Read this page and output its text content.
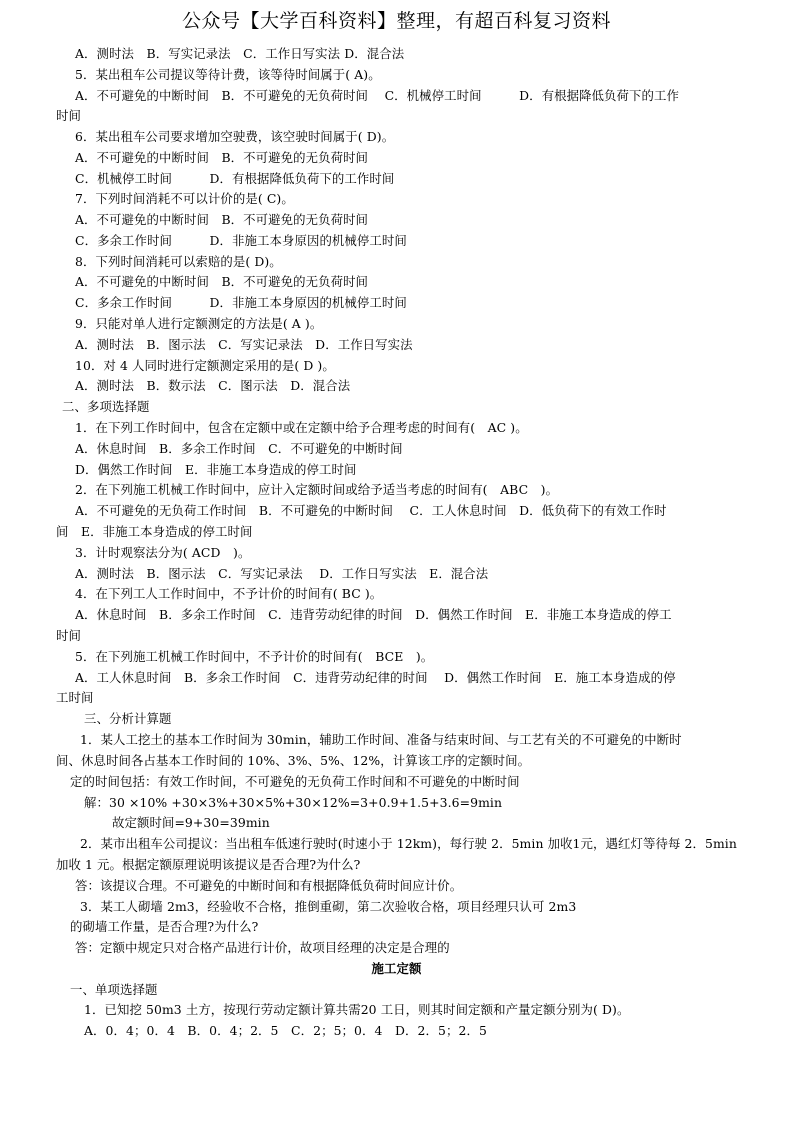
公众号【大学百科资料】整理，有超百科复习资料
A．测时法　B．写实记录法　C．工作日写实法 D．混合法
5．某出租车公司提议等待计费，该等待时间属于( A)。
A．不可避免的中断时间　B．不可避免的无负荷时间　 C．机械停工时间　　　D．有根据降低负荷下的工作
时间
6．某出租车公司要求增加空驶费，该空驶时间属于( D)。
A．不可避免的中断时间　B．不可避免的无负荷时间
C．机械停工时间　　　D．有根据降低负荷下的工作时间
7．下列时间消耗不可以计价的是( C)。
A．不可避免的中断时间　B．不可避免的无负荷时间
C．多余工作时间　　　D．非施工本身原因的机械停工时间
8．下列时间消耗可以索赔的是( D)。
A．不可避免的中断时间　B．不可避免的无负荷时间
C．多余工作时间　　　D．非施工本身原因的机械停工时间
9．只能对单人进行定额测定的方法是( A )。
A．测时法　B．图示法　C．写实记录法　D．工作日写实法
10．对 4 人同时进行定额测定采用的是( D )。
A．测时法　B．数示法　C．图示法　D．混合法
二、多项选择题
1．在下列工作时间中，包含在定额中或在定额中给予合理考虑的时间有(　AC )。
A．休息时间　B．多余工作时间　C．不可避免的中断时间
D．偶然工作时间　E．非施工本身造成的停工时间
2．在下列施工机械工作时间中，应计入定额时间或给予适当考虑的时间有(　ABC　)。
A．不可避免的无负荷工作时间　B．不可避免的中断时间　 C．工人休息时间　D．低负荷下的有效工作时
间　E．非施工本身造成的停工时间
3．计时观察法分为( ACD　)。
A．测时法　B．图示法　C．写实记录法　 D．工作日写实法　E．混合法
4．在下列工人工作时间中，不予计价的时间有( BC )。
A．休息时间　B．多余工作时间　C．违背劳动纪律的时间　D．偶然工作时间　E．非施工本身造成的停工
时间
5．在下列施工机械工作时间中，不予计价的时间有(　BCE　)。
A．工人休息时间　B．多余工作时间　C．违背劳动纪律的时间　 D．偶然工作时间　E．施工本身造成的停
工时间
三、分析计算题
1．某人工挖土的基本工作时间为 30min，辅助工作时间、准备与结束时间、与工艺有关的不可避免的中断时
间、休息时间各占基本工作时间的 10%、3%、5%、12%，计算该工序的定额时间。
定的时间包括：有效工作时间，不可避免的无负荷工作时间和不可避免的中断时间
解：30 ×10% +30×3%+30×5%+30×12%=3+0.9+1.5+3.6=9min
故定额时间=9+30=39min
2．某市出租车公司提议：当出租车低速行驶时(时速小于 12km)，每行驶 2．5min 加收1元，遇红灯等待每 2．5min
加收 1 元。根据定额原理说明该提议是否合理?为什么?
答：该提议合理。不可避免的中断时间和有根据降低负荷时间应计价。
3．某工人砌墙 2m3，经验收不合格，推倒重砌，第二次验收合格，项目经理只认可 2m3
的砌墙工作量，是否合理?为什么?
答：定额中规定只对合格产品进行计价，故项目经理的决定是合理的
施工定额
一、单项选择题
1．已知挖 50m3 土方，按现行劳动定额计算共需20 工日，则其时间定额和产量定额分别为( D)。
A．0．4；0．4　B．0．4；2．5　C．2；5；0．4　D．2．5；2．5
